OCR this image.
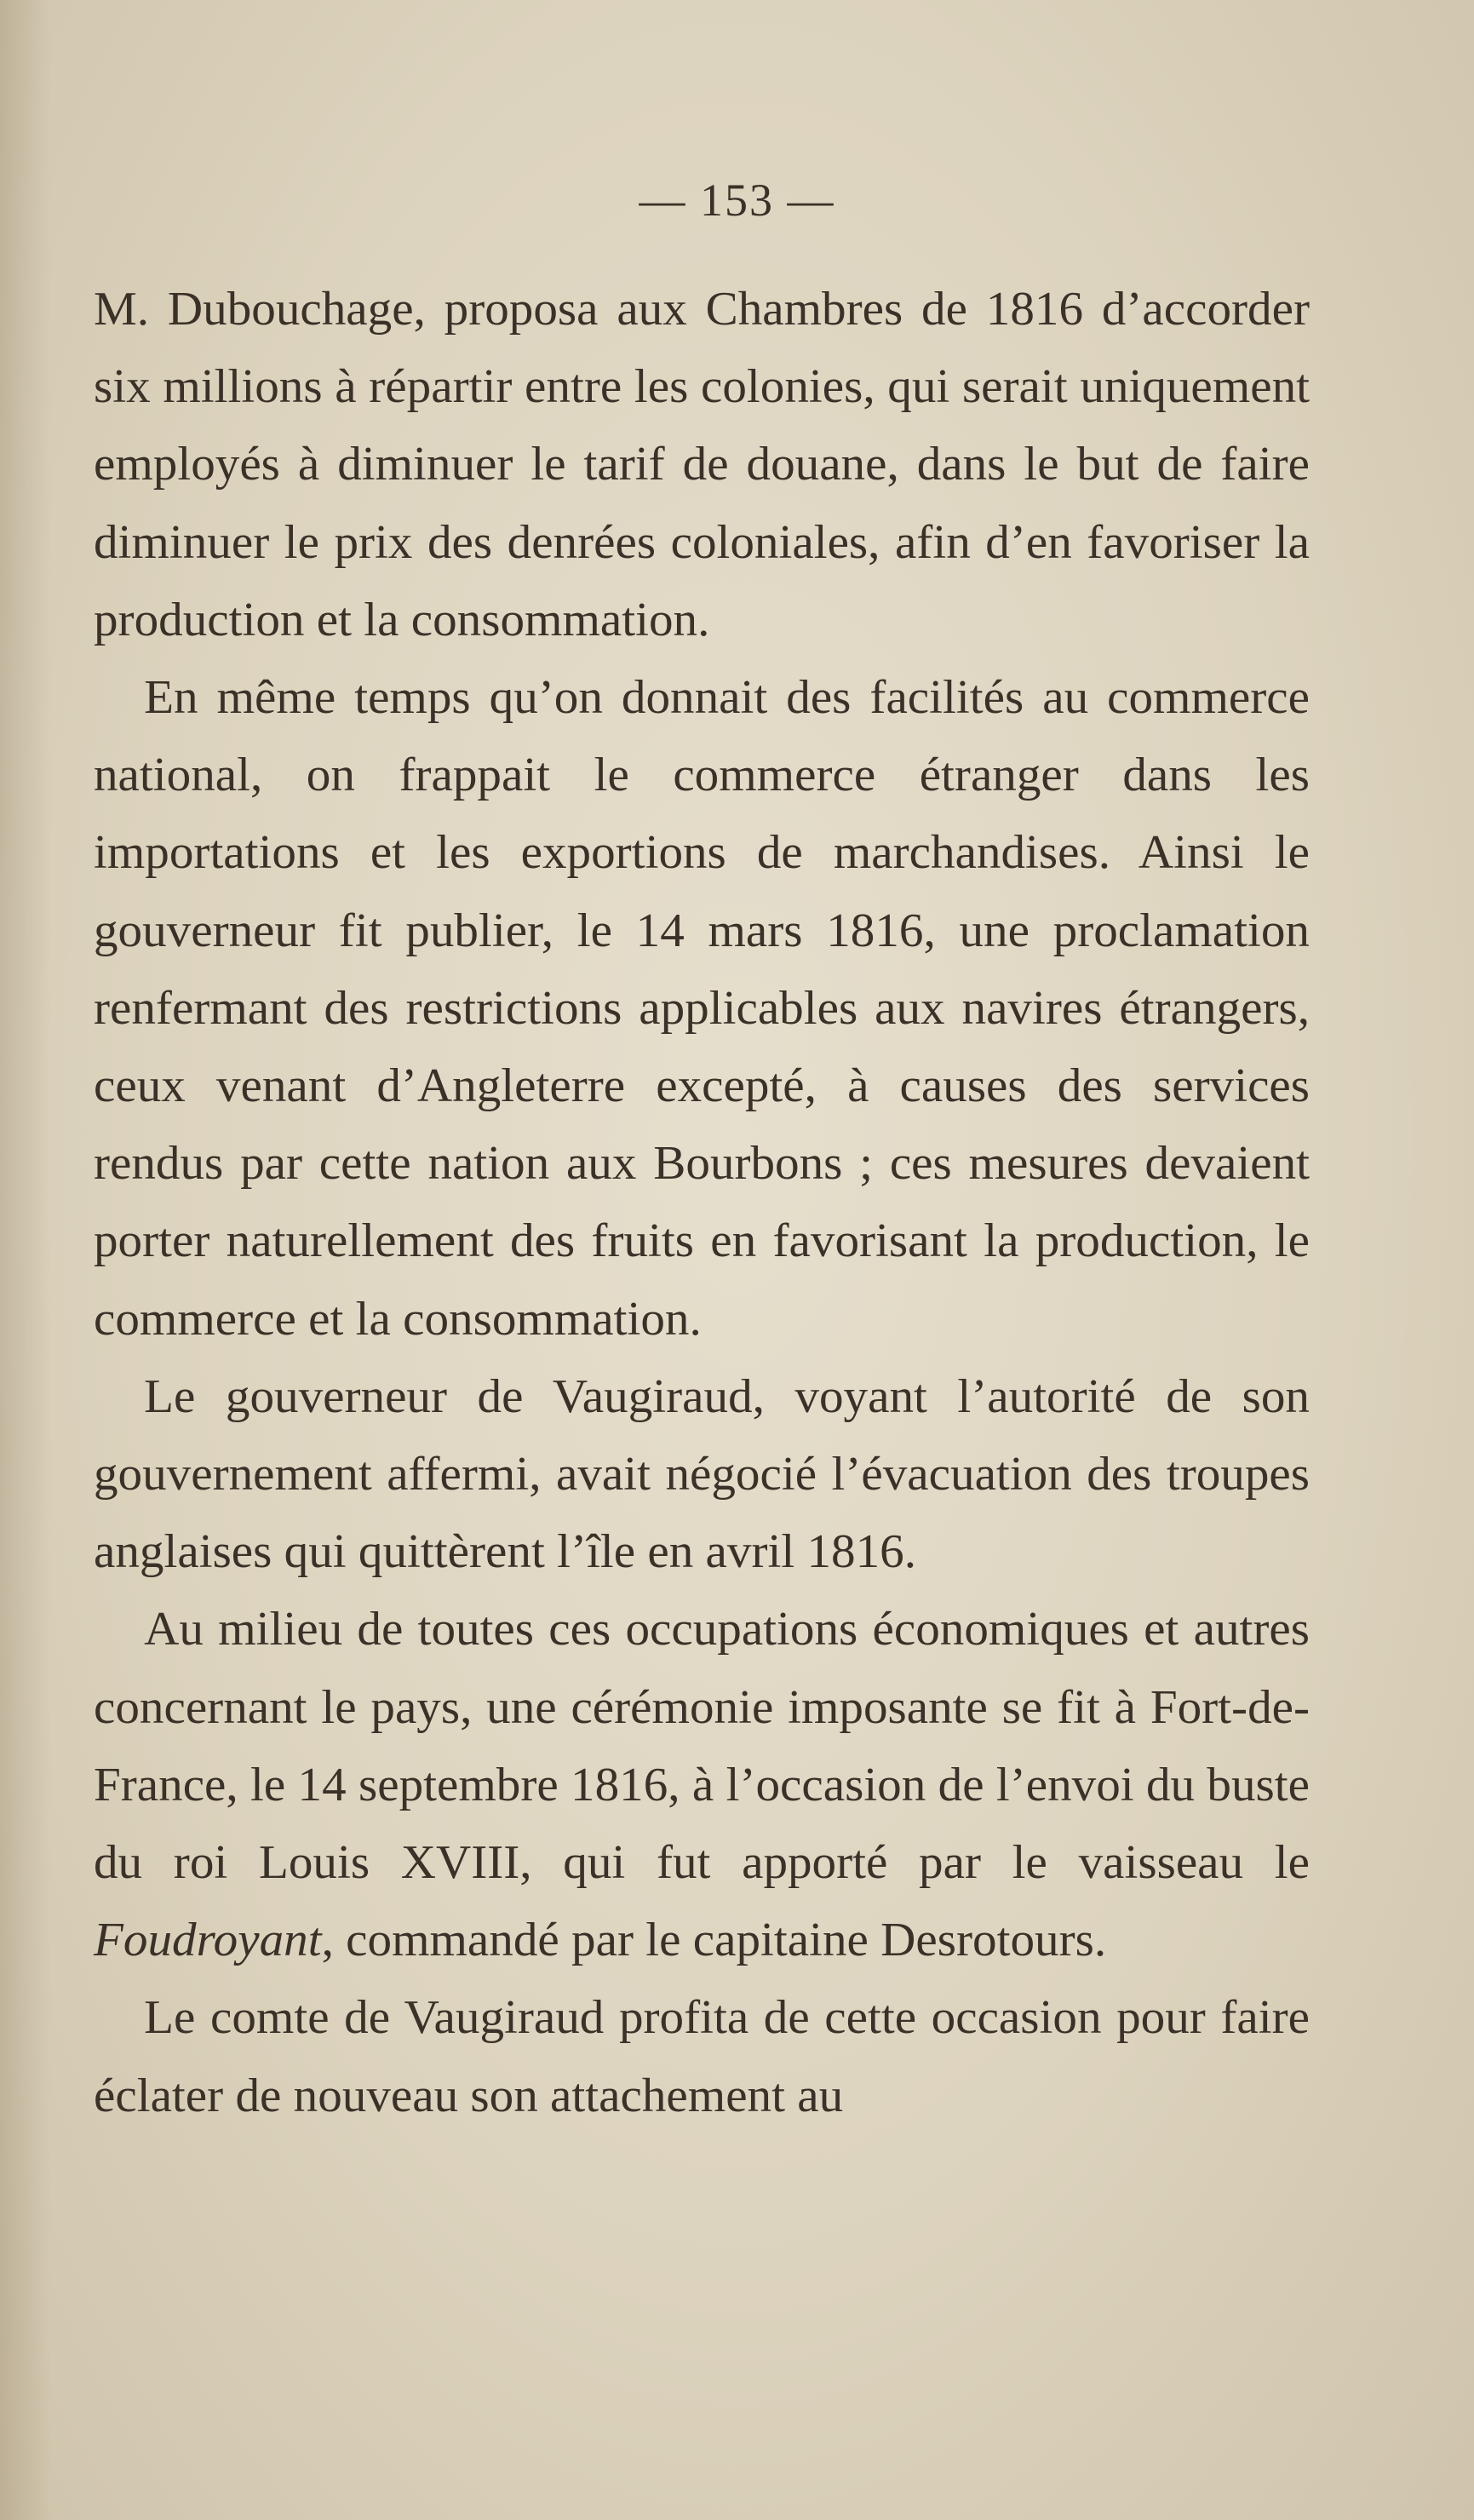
— 153 —

M. Dubouchage, proposa aux Chambres de 1816 d’accorder six millions à répartir entre les colonies, qui serait uniquement employés à diminuer le tarif de douane, dans le but de faire diminuer le prix des denrées coloniales, afin d’en favoriser la production et la consommation.

En même temps qu’on donnait des facilités au commerce national, on frappait le commerce étranger dans les importations et les exportions de marchandises. Ainsi le gouverneur fit publier, le 14 mars 1816, une proclamation renfermant des restrictions applicables aux navires étrangers, ceux venant d’Angleterre excepté, à causes des services rendus par cette nation aux Bourbons ; ces mesures devaient porter naturellement des fruits en favorisant la production, le commerce et la consommation.

Le gouverneur de Vaugiraud, voyant l’autorité de son gouvernement affermi, avait négocié l’évacuation des troupes anglaises qui quittèrent l’île en avril 1816.

Au milieu de toutes ces occupations économiques et autres concernant le pays, une cérémonie imposante se fit à Fort-de-France, le 14 septembre 1816, à l’occasion de l’envoi du buste du roi Louis XVIII, qui fut apporté par le vaisseau le Foudroyant, commandé par le capitaine Desrotours.

Le comte de Vaugiraud profita de cette occasion pour faire éclater de nouveau son attachement au
